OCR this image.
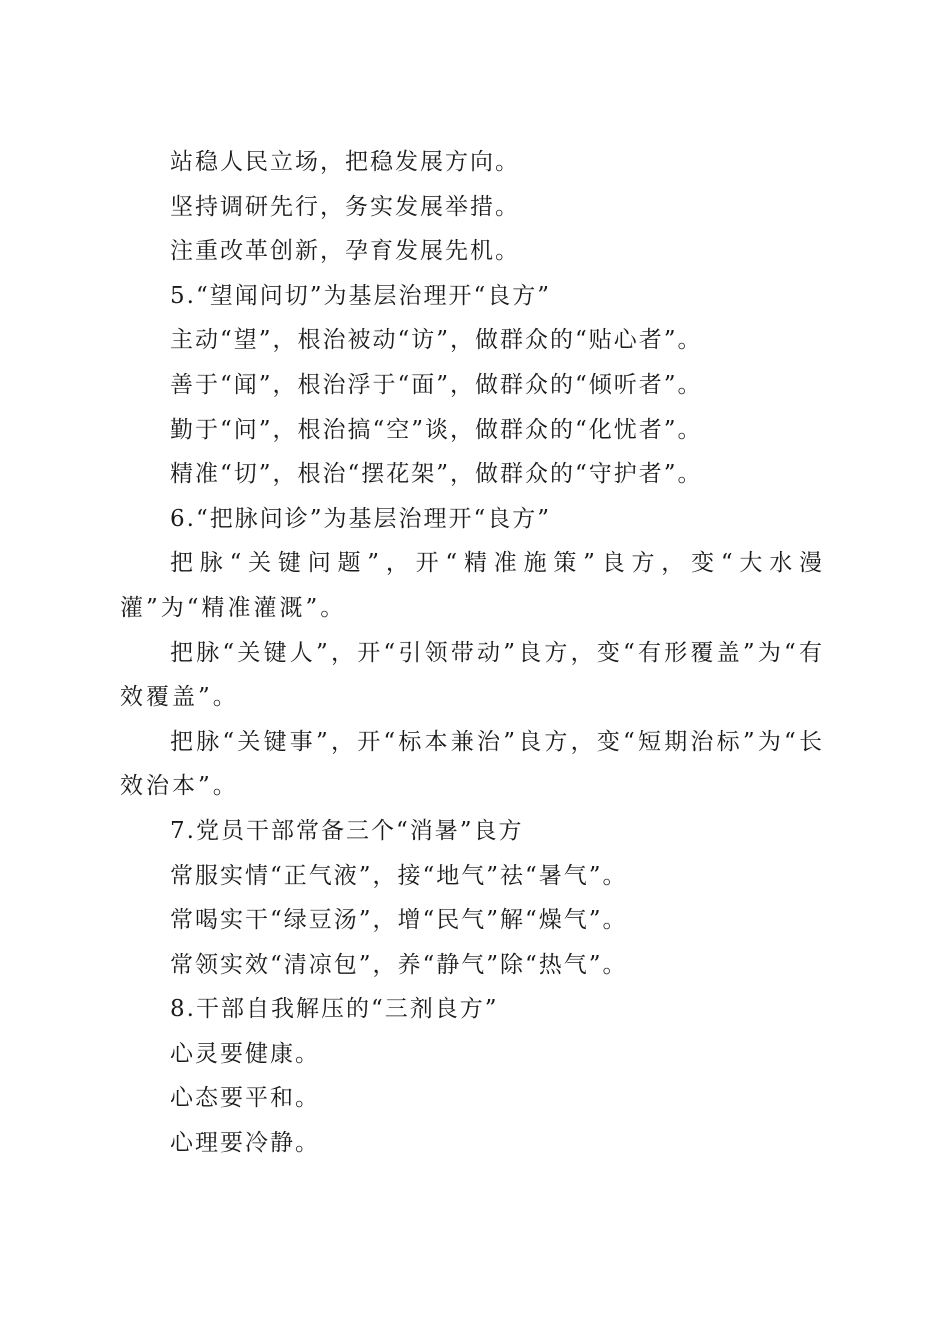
站稳人民立场，把稳发展方向。

坚持调研先行，务实发展举措。

注重改革创新，孕育发展先机。

5.“望闻问切”为基层治理开“良方”

主动“望”，根治被动“访”，做群众的“贴心者”。

善于“闻”，根治浮于“面”，做群众的“倾听者”。

勤于“问”，根治搞“空”谈，做群众的“化忧者”。

精准“切”，根治“摆花架”，做群众的“守护者”。

6.“把脉问诊”为基层治理开“良方”

把脉“关键问题”，开“精准施策”良方，变“大水漫灌”为“精准灌溉”。

把脉“关键人”，开“引领带动”良方，变“有形覆盖”为“有效覆盖”。

把脉“关键事”，开“标本兼治”良方，变“短期治标”为“长效治本”。

7.党员干部常备三个“消暑”良方

常服实情“正气液”，接“地气”祛“暑气”。

常喝实干“绿豆汤”，增“民气”解“燥气”。

常领实效“清凉包”，养“静气”除“热气”。

8.干部自我解压的“三剂良方”

心灵要健康。

心态要平和。

心理要冷静。
